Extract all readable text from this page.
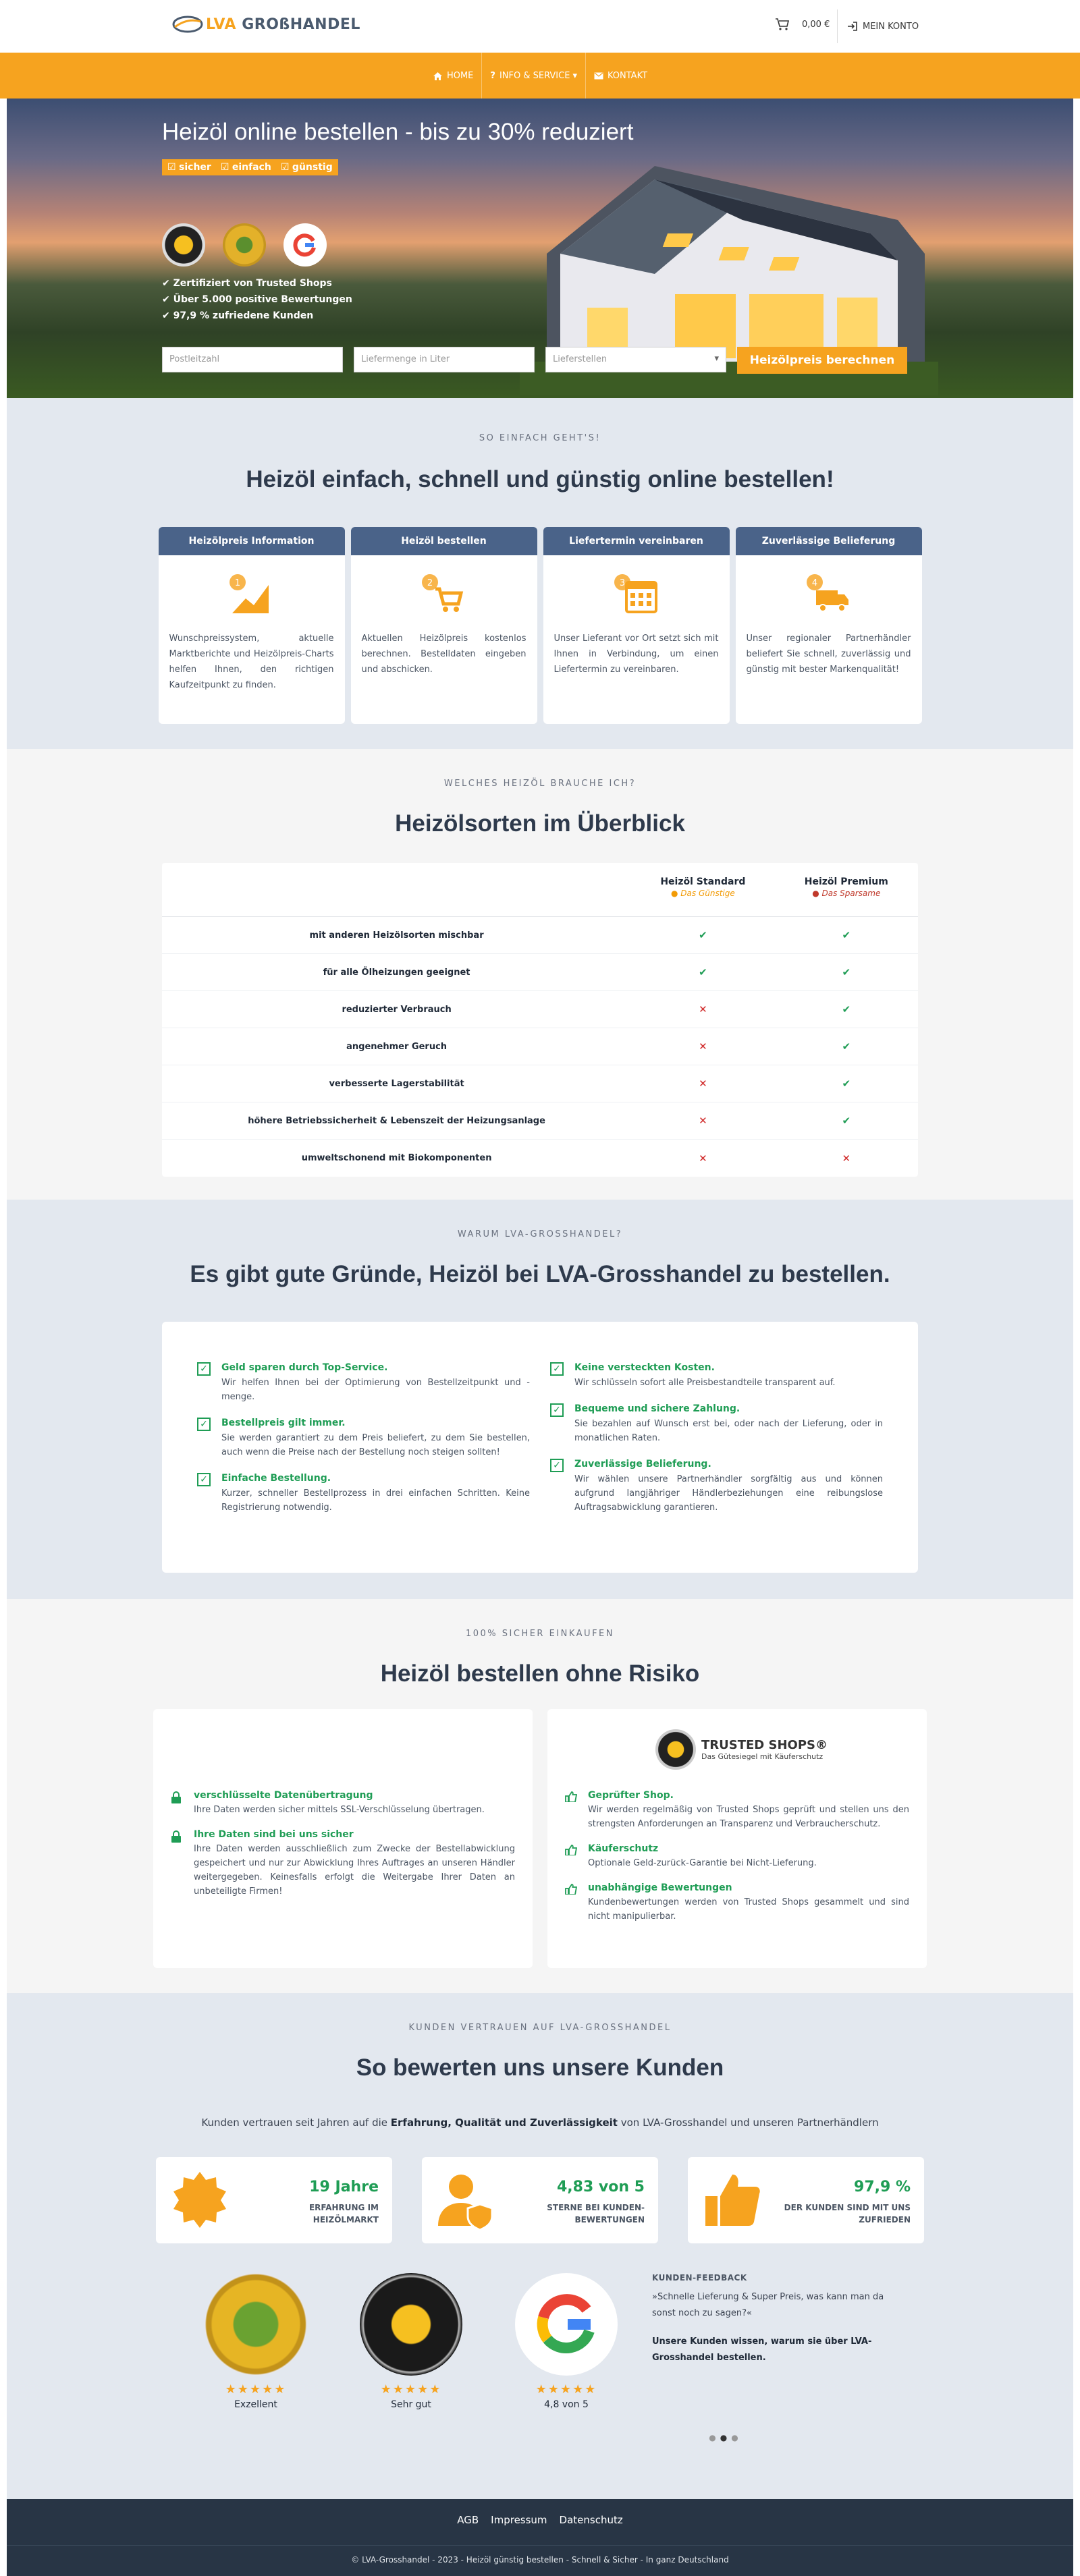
LVA GROßHANDEL	0,00 €	MEIN KONTO
HOME ? INFO & SERVICE ▾	KONTAKT
Heizöl online bestellen - bis zu 30% reduziert
☑ sicher	☑ einfach	☑ günstig
✔ Zertifiziert von Trusted Shops
✔ Über 5.000 positive Bewertungen
✔ 97,9 % zufriedene Kunden
Postleitzahl	Liefermenge in Liter	Lieferstellen ▾	Heizölpreis berechnen
SO EINFACH GEHT'S!
Heizöl einfach, schnell und günstig online bestellen!
Heizölpreis Information
1
Wunschpreissystem, aktuelle Marktberichte und Heizölpreis-Charts helfen Ihnen, den richtigen Kaufzeitpunkt zu finden.
Heizöl bestellen
2
Aktuellen Heizölpreis kostenlos berechnen. Bestelldaten eingeben und abschicken.
Liefertermin vereinbaren
3
Unser Lieferant vor Ort setzt sich mit Ihnen in Verbindung, um einen Liefertermin zu vereinbaren.
Zuverlässige Belieferung
4
Unser regionaler Partnerhändler beliefert Sie schnell, zuverlässig und günstig mit bester Markenqualität!
WELCHES HEIZÖL BRAUCHE ICH?
Heizölsorten im Überblick
Heizöl Standard
● Das Günstige
Heizöl Premium
● Das Sparsame
mit anderen Heizölsorten mischbar	✔	✔
für alle Ölheizungen geeignet	✔	✔
reduzierter Verbrauch	✕	✔
angenehmer Geruch	✕	✔
verbesserte Lagerstabilität	✕	✔
höhere Betriebssicherheit & Lebenszeit der Heizungsanlage	✕	✔
umweltschonend mit Biokomponenten	✕	✕
WARUM LVA-GROSSHANDEL?
Es gibt gute Gründe, Heizöl bei LVA-Grosshandel zu bestellen.
✓ Geld sparen durch Top-Service.
Wir helfen Ihnen bei der Optimierung von Bestellzeitpunkt und -menge.
✓ Bestellpreis gilt immer.
Sie werden garantiert zu dem Preis beliefert, zu dem Sie bestellen, auch wenn die Preise nach der Bestellung noch steigen sollten!
✓ Einfache Bestellung.
Kurzer, schneller Bestellprozess in drei einfachen Schritten. Keine Registrierung notwendig.
✓ Keine versteckten Kosten.
Wir schlüsseln sofort alle Preisbestandteile transparent auf.
✓ Bequeme und sichere Zahlung.
Sie bezahlen auf Wunsch erst bei, oder nach der Lieferung, oder in monatlichen Raten.
✓ Zuverlässige Belieferung.
Wir wählen unsere Partnerhändler sorgfältig aus und können aufgrund langjähriger Händlerbeziehungen eine reibungslose Auftragsabwicklung garantieren.
100% SICHER EINKAUFEN
Heizöl bestellen ohne Risiko
verschlüsselte Datenübertragung
Ihre Daten werden sicher mittels SSL-Verschlüsselung übertragen.
Ihre Daten sind bei uns sicher
Ihre Daten werden ausschließlich zum Zwecke der Bestellabwicklung gespeichert und nur zur Abwicklung Ihres Auftrages an unseren Händler weitergegeben. Keinesfalls erfolgt die Weitergabe Ihrer Daten an unbeteiligte Firmen!
TRUSTED SHOPS®
Das Gütesiegel mit Käuferschutz
Geprüfter Shop.
Wir werden regelmäßig von Trusted Shops geprüft und stellen uns den strengsten Anforderungen an Transparenz und Verbraucherschutz.
Käuferschutz
Optionale Geld-zurück-Garantie bei Nicht-Lieferung.
unabhängige Bewertungen
Kundenbewertungen werden von Trusted Shops gesammelt und sind nicht manipulierbar.
KUNDEN VERTRAUEN AUF LVA-GROSSHANDEL
So bewerten uns unsere Kunden
Kunden vertrauen seit Jahren auf die Erfahrung, Qualität und Zuverlässigkeit von LVA-Grosshandel und unseren Partnerhändlern
19 Jahre
ERFAHRUNG IM HEIZÖLMARKT
4,83 von 5
STERNE BEI KUNDEN-BEWERTUNGEN
97,9 %
DER KUNDEN SIND MIT UNS ZUFRIEDEN
★★★★★
Exzellent
★★★★★
Sehr gut
★★★★★
4,8 von 5
KUNDEN-FEEDBACK
»Schnelle Lieferung & Super Preis, was kann man da sonst noch zu sagen?«
Unsere Kunden wissen, warum sie über LVA-Grosshandel bestellen.
●●●
AGB Impressum Datenschutz
© LVA-Grosshandel - 2023 - Heizöl günstig bestellen - Schnell & Sicher - In ganz Deutschland
